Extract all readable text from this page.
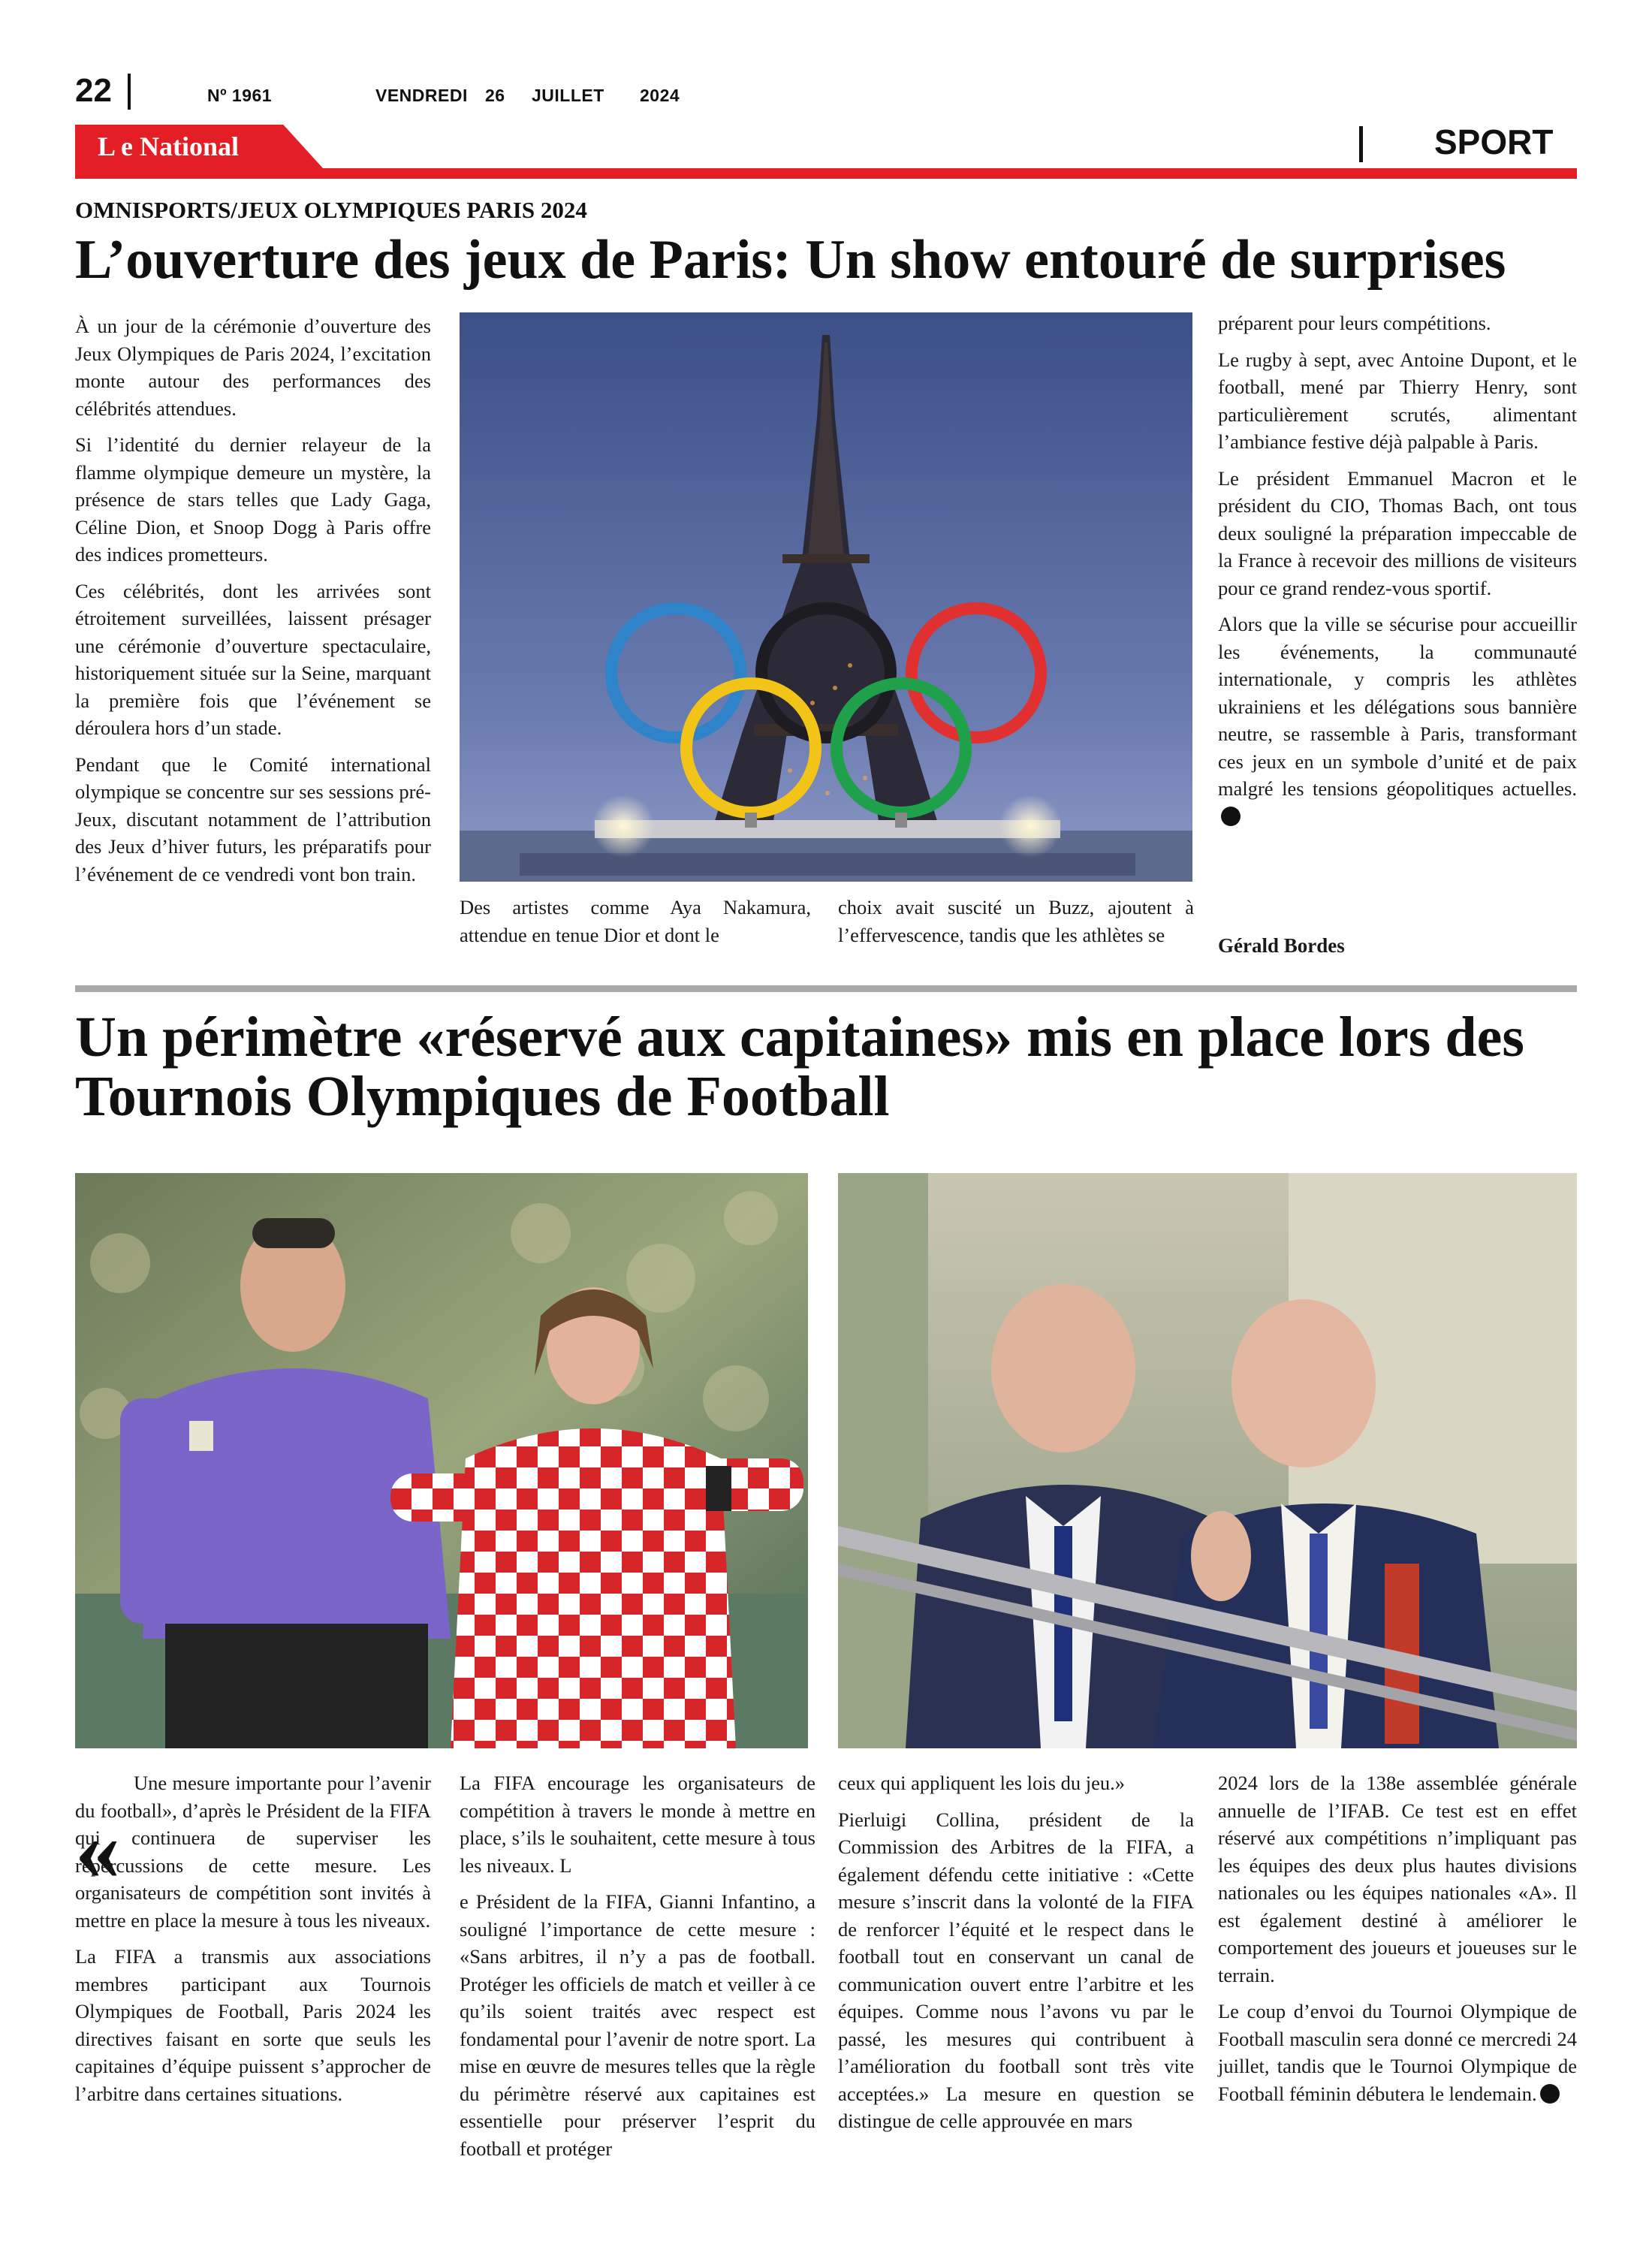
22	Nº 1961	VENDREDI 26 JUILLET 2024
L e National	SPORT
OMNISPORTS/JEUX OLYMPIQUES PARIS 2024
L’ouverture des jeux de Paris: Un show entouré de surprises

À un jour de la cérémonie d’ouverture des Jeux Olympiques de Paris 2024, l’excitation monte autour des performances des célébrités attendues.

Si l’identité du dernier relayeur de la flamme olympique demeure un mystère, la présence de stars telles que Lady Gaga, Céline Dion, et Snoop Dogg à Paris offre des indices prometteurs.

Ces célébrités, dont les arrivées sont étroitement surveillées, laissent présager une cérémonie d’ouverture spectaculaire, historiquement située sur la Seine, marquant la première fois que l’événement se déroulera hors d’un stade.

Pendant que le Comité international olympique se concentre sur ses sessions pré-Jeux, discutant notamment de l’attribution des Jeux d’hiver futurs, les préparatifs pour l’événement de ce vendredi vont bon train.

Des artistes comme Aya Nakamura, attendue en tenue Dior et dont le

choix avait suscité un Buzz, ajoutent à l’effervescence, tandis que les athlètes se

préparent pour leurs compétitions.

Le rugby à sept, avec Antoine Dupont, et le football, mené par Thierry Henry, sont particulièrement scrutés, alimentant l’ambiance festive déjà palpable à Paris.

Le président Emmanuel Macron et le président du CIO, Thomas Bach, ont tous deux souligné la préparation impeccable de la France à recevoir des millions de visiteurs pour ce grand rendez-vous sportif.

Alors que la ville se sécurise pour accueillir les événements, la communauté internationale, y compris les athlètes ukrainiens et les délégations sous bannière neutre, se rassemble à Paris, transformant ces jeux en un symbole d’unité et de paix malgré les tensions géopolitiques actuelles.

Gérald Bordes
Un périmètre «réservé aux capitaines» mis en place lors des Tournois Olympiques de Football
«

Une mesure importante pour l’avenir du football», d’après le Président de la FIFA qui continuera de superviser les répercussions de cette mesure. Les organisateurs de compétition sont invités à mettre en place la mesure à tous les niveaux.

La FIFA a transmis aux associations membres participant aux Tournois Olympiques de Football, Paris 2024 les directives faisant en sorte que seuls les capitaines d’équipe puissent s’approcher de l’arbitre dans certaines situations.

La FIFA encourage les organisateurs de compétition à travers le monde à mettre en place, s’ils le souhaitent, cette mesure à tous les niveaux. L

e Président de la FIFA, Gianni Infantino, a souligné l’importance de cette mesure : «Sans arbitres, il n’y a pas de football. Protéger les officiels de match et veiller à ce qu’ils soient traités avec respect est fondamental pour l’avenir de notre sport. La mise en œuvre de mesures telles que la règle du périmètre réservé aux capitaines est essentielle pour préserver l’esprit du football et protéger

ceux qui appliquent les lois du jeu.»

Pierluigi Collina, président de la Commission des Arbitres de la FIFA, a également défendu cette initiative : «Cette mesure s’inscrit dans la volonté de la FIFA de renforcer l’équité et le respect dans le football tout en conservant un canal de communication ouvert entre l’arbitre et les équipes. Comme nous l’avons vu par le passé, les mesures qui contribuent à l’amélioration du football sont très vite acceptées.» La mesure en question se distingue de celle approuvée en mars

2024 lors de la 138e assemblée générale annuelle de l’IFAB. Ce test est en effet réservé aux compétitions n’impliquant pas les équipes des deux plus hautes divisions nationales ou les équipes nationales «A». Il est également destiné à améliorer le comportement des joueurs et joueuses sur le terrain.

Le coup d’envoi du Tournoi Olympique de Football masculin sera donné ce mercredi 24 juillet, tandis que le Tournoi Olympique de Football féminin débutera le lendemain.
